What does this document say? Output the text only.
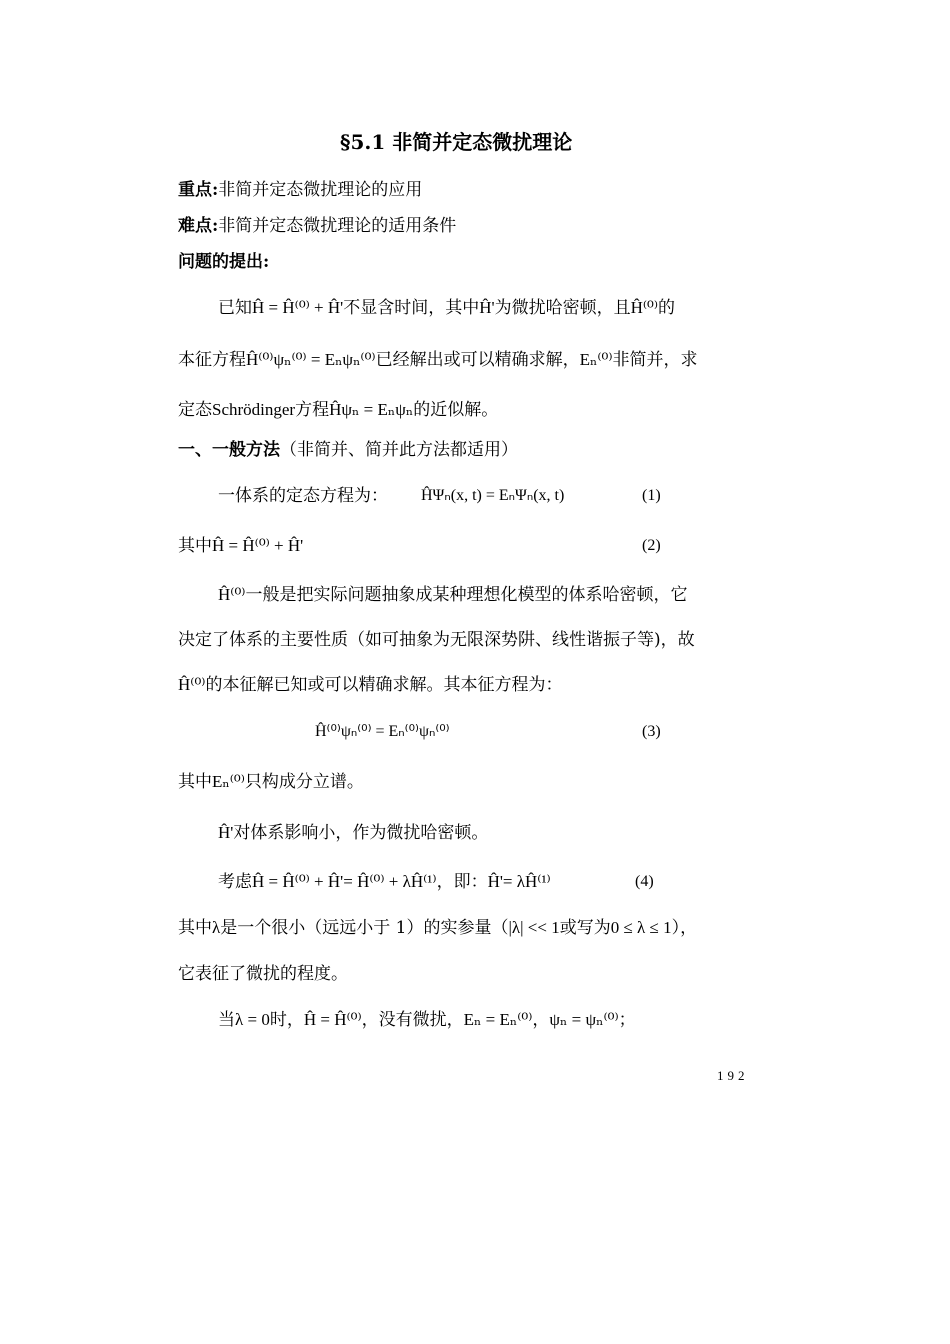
§5.1 非简并定态微扰理论
重点:非简并定态微扰理论的应用
难点:非简并定态微扰理论的适用条件
问题的提出:
已知Ĥ = Ĥ⁽⁰⁾ + Ĥ'不显含时间，其中Ĥ'为微扰哈密顿，且Ĥ⁽⁰⁾的
本征方程Ĥ⁽⁰⁾ψₙ⁽⁰⁾ = Eₙψₙ⁽⁰⁾已经解出或可以精确求解，Eₙ⁽⁰⁾非简并，求
定态Schrödinger方程Ĥψₙ = Eₙψₙ的近似解。
一、一般方法（非简并、简并此方法都适用）
一体系的定态方程为： ĤΨₙ(x, t) = EₙΨₙ(x, t)	(1)
其中Ĥ = Ĥ⁽⁰⁾ + Ĥ'	(2)
Ĥ⁽⁰⁾一般是把实际问题抽象成某种理想化模型的体系哈密顿，它
决定了体系的主要性质（如可抽象为无限深势阱、线性谐振子等)，故
Ĥ⁽⁰⁾的本征解已知或可以精确求解。其本征方程为：
Ĥ⁽⁰⁾ψₙ⁽⁰⁾ = Eₙ⁽⁰⁾ψₙ⁽⁰⁾	(3)
其中Eₙ⁽⁰⁾只构成分立谱。
Ĥ'对体系影响小，作为微扰哈密顿。
考虑Ĥ = Ĥ⁽⁰⁾ + Ĥ'= Ĥ⁽⁰⁾ + λĤ⁽¹⁾，即：Ĥ'= λĤ⁽¹⁾	(4)
其中λ是一个很小（远远小于 1）的实参量（|λ| << 1或写为0 ≤ λ ≤ 1），
它表征了微扰的程度。
当λ = 0时，Ĥ = Ĥ⁽⁰⁾，没有微扰，Eₙ = Eₙ⁽⁰⁾，ψₙ = ψₙ⁽⁰⁾；
192
